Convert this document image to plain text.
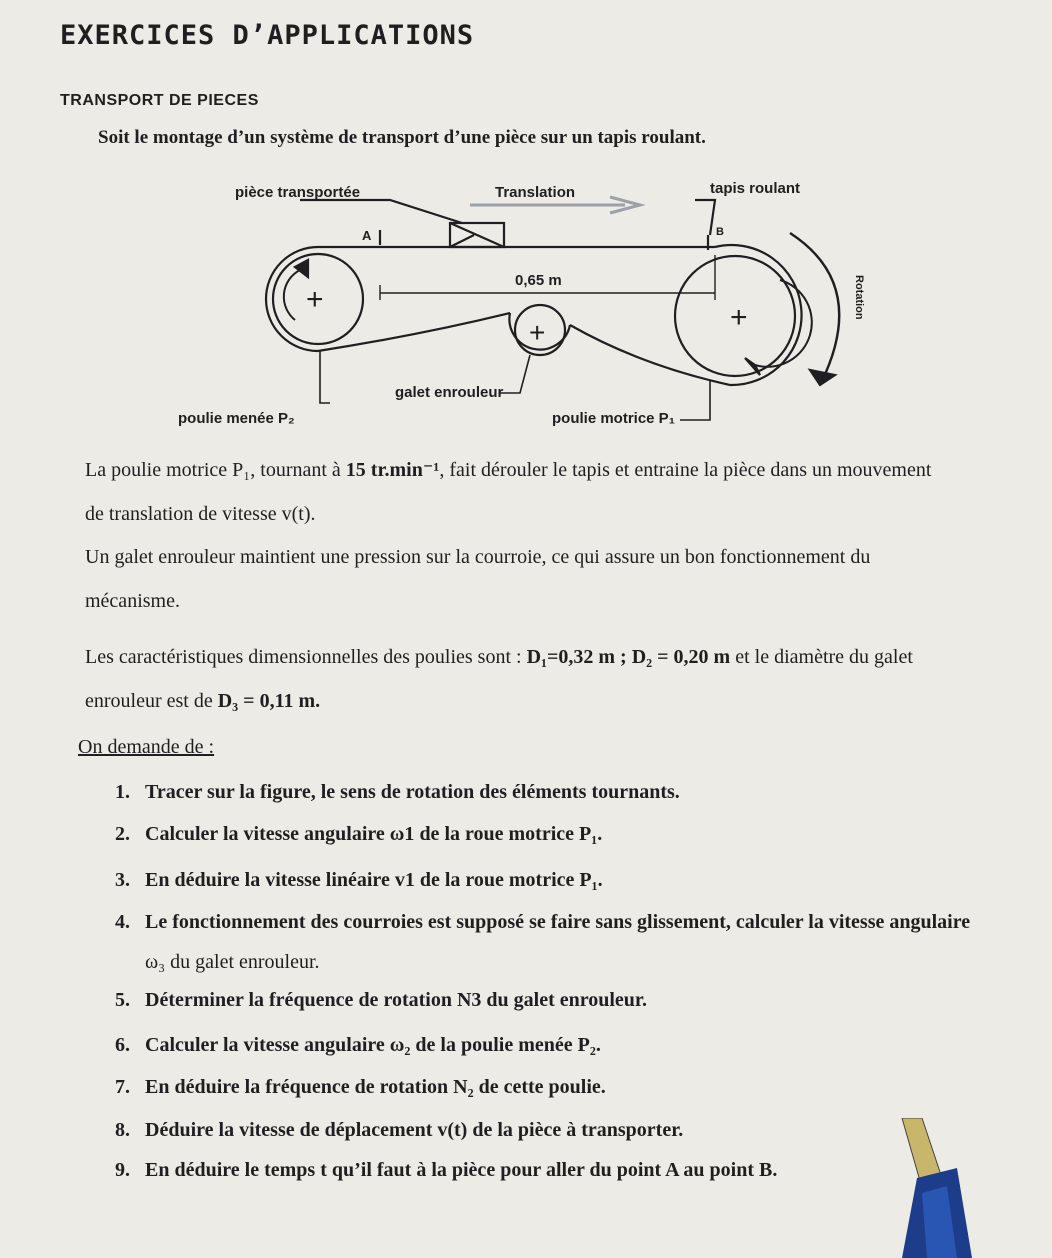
EXERCICES D’APPLICATIONS
TRANSPORT DE PIECES
Soit le montage d’un système de transport d’une pièce sur un tapis roulant.
pièce transportée	Translation	tapis roulant
A	B
0,65 m
galet enrouleur
poulie menée P₂	poulie motrice P₁
Rotation
+
+
+
La poulie motrice P₁, tournant à 15 tr.min⁻¹, fait dérouler le tapis et entraine la pièce dans un mouvement
de translation de vitesse v(t).
Un galet enrouleur maintient une pression sur la courroie, ce qui assure un bon fonctionnement du
mécanisme.
Les caractéristiques dimensionnelles des poulies sont : D₁=0,32 m ; D₂ = 0,20 m et le diamètre du galet
enrouleur est de D₃ = 0,11 m.
On demande de :
1. Tracer sur la figure, le sens de rotation des éléments tournants.
2. Calculer la vitesse angulaire ω1 de la roue motrice P₁.
3. En déduire la vitesse linéaire v1 de la roue motrice P₁.
4. Le fonctionnement des courroies est supposé se faire sans glissement, calculer la vitesse angulaire
ω₃ du galet enrouleur.
5. Déterminer la fréquence de rotation N3 du galet enrouleur.
6. Calculer la vitesse angulaire ω₂ de la poulie menée P₂.
7. En déduire la fréquence de rotation N₂ de cette poulie.
8. Déduire la vitesse de déplacement v(t) de la pièce à transporter.
9. En déduire le temps t qu’il faut à la pièce pour aller du point A au point B.
